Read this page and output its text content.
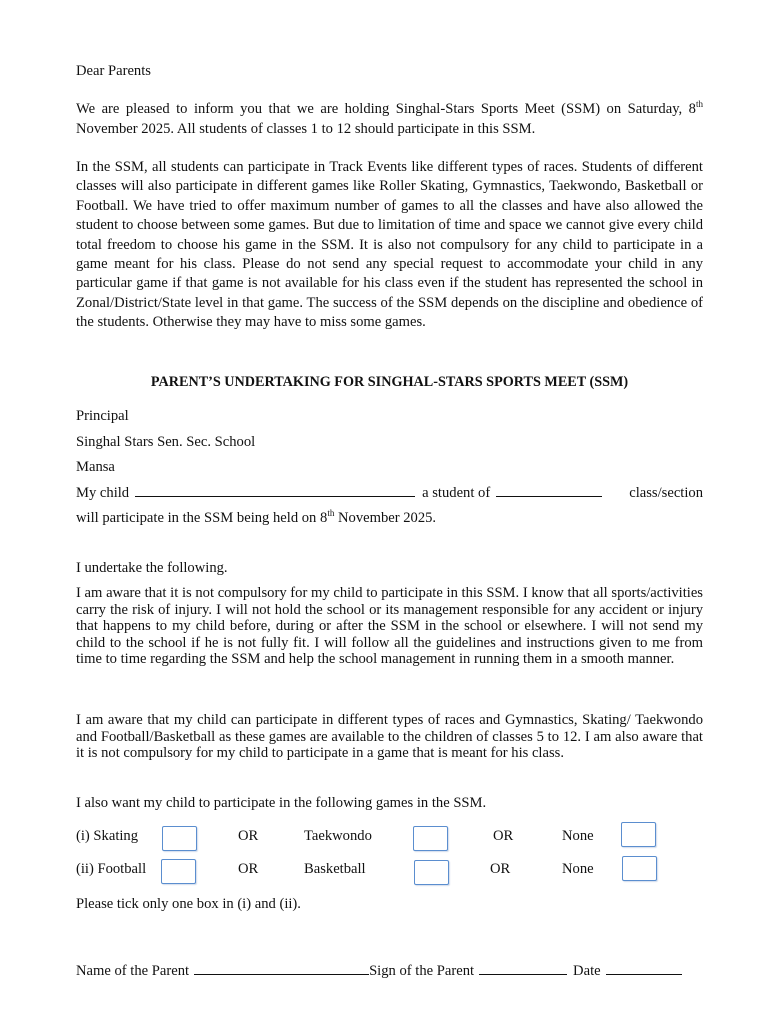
Dear Parents

We are pleased to inform you that we are holding Singhal-Stars Sports Meet (SSM) on Saturday, 8th

November 2025. All students of classes 1 to 12 should participate in this SSM.

In the SSM, all students can participate in Track Events like different types of races. Students of different classes will also participate in different games like Roller Skating, Gymnastics, Taekwondo, Basketball or Football. We have tried to offer maximum number of games to all the classes and have also allowed the student to choose between some games. But due to limitation of time and space we cannot give every child total freedom to choose his game in the SSM. It is also not compulsory for any child to participate in a game meant for his class. Please do not send any special request to accommodate your child in any particular game if that game is not available for his class even if the student has represented the school in Zonal/District/State level in that game. The success of the SSM depends on the discipline and obedience of the students. Otherwise they may have to miss some games.

PARENT’S UNDERTAKING FOR SINGHAL-STARS SPORTS MEET (SSM)

Principal

Singhal Stars Sen. Sec. School

Mansa

My child	a student of	class/section

will participate in the SSM being held on 8th November 2025.

I undertake the following.

I am aware that it is not compulsory for my child to participate in this SSM. I know that all sports/activities carry the risk of injury. I will not hold the school or its management responsible for any accident or injury that happens to my child before, during or after the SSM in the school or elsewhere. I will not send my child to the school if he is not fully fit. I will follow all the guidelines and instructions given to me from time to time regarding the SSM and help the school management in running them in a smooth manner.

I am aware that my child can participate in different types of races and Gymnastics, Skating/ Taekwondo and Football/Basketball as these games are available to the children of classes 5 to 12. I am also aware that it is not compulsory for my child to participate in a game that is meant for his class.

I also want my child to participate in the following games in the SSM.

(i) Skating	OR	Taekwondo	OR	None
(ii) Football	OR	Basketball	OR	None

Please tick only one box in (i) and (ii).

Name of the Parent	Sign of the Parent	Date
